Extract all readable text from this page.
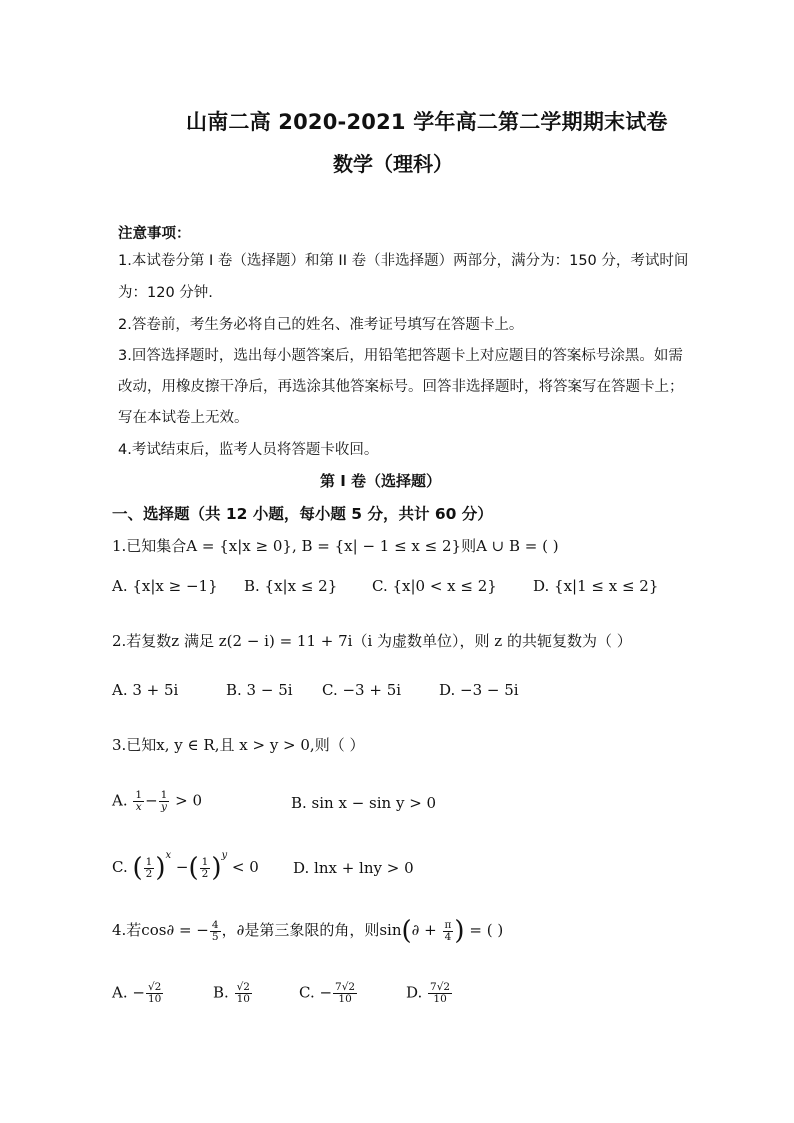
山南二高 2020-2021 学年高二第二学期期末试卷
数学（理科）
注意事项：
1.本试卷分第 I 卷（选择题）和第 II 卷（非选择题）两部分，满分为：150 分，考试时间
为：120 分钟.
2.答卷前，考生务必将自己的姓名、准考证号填写在答题卡上。
3.回答选择题时，选出每小题答案后，用铅笔把答题卡上对应题目的答案标号涂黑。如需
改动，用橡皮擦干净后，再选涂其他答案标号。回答非选择题时，将答案写在答题卡上；
写在本试卷上无效。
4.考试结束后，监考人员将答题卡收回。
第 Ⅰ 卷（选择题）
一、选择题（共 12 小题，每小题 5 分，共计 60 分）
1.已知集合A = {x|x ≥ 0}, B = {x| − 1 ≤ x ≤ 2}则A ∪ B = ( )
A. {x|x ≥ −1} B. {x|x ≤ 2} C. {x|0 < x ≤ 2} D. {x|1 ≤ x ≤ 2}
2.若复数z 满足 z(2 − i) = 11 + 7i（i 为虚数单位），则 z 的共轭复数为（ ）
A. 3 + 5i	B. 3 − 5i C. −3 + 5i	D. −3 − 5i
3.已知x, y ∈ R,且 x > y > 0,则（ ）
A. $\frac{1}{x} - \frac{1}{y} > 0$	B. sin x − sin y > 0
C. ( $\frac{1}{2} )^x$ −( $\frac{1}{2} )^y < 0$ D. lnx + lny > 0
4.若cos∂ = − $\frac{4}{5}$ ，∂是第三象限的角，则$\sin(\partial + \frac{\pi}{4}$ ) = ( )
A. − $\frac{√2}{10}$	B. $\frac{√2}{10}$	C. − $\frac{7√2}{10}$	D. $\frac{7√2}{10}$
